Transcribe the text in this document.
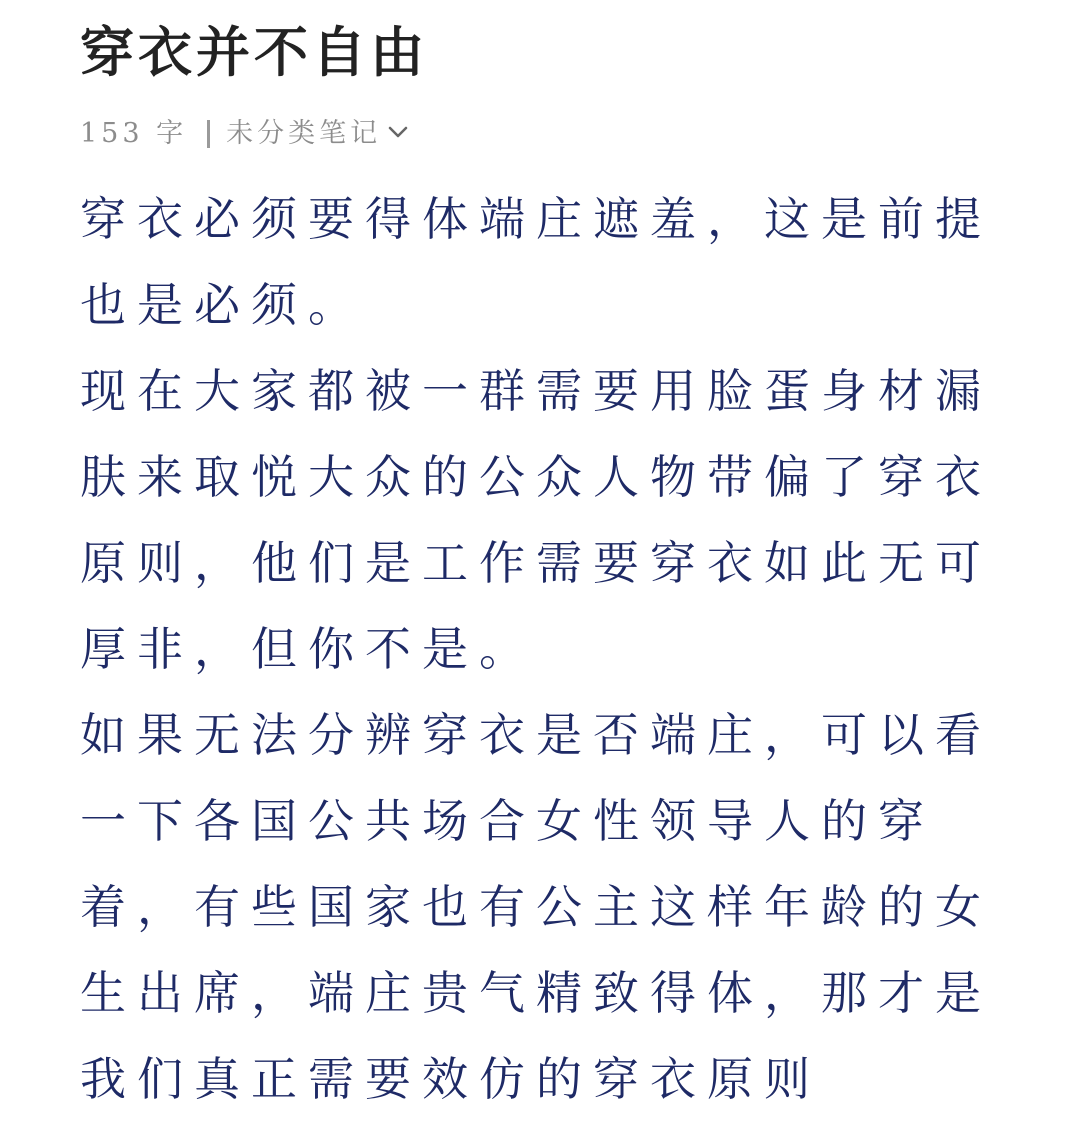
穿衣并不自由
153 字 未分类笔记

穿衣必须要得体端庄遮羞，这是前提也是必须。

现在大家都被一群需要用脸蛋身材漏肤来取悦大众的公众人物带偏了穿衣原则，他们是工作需要穿衣如此无可厚非，但你不是。

如果无法分辨穿衣是否端庄，可以看一下各国公共场合女性领导人的穿着，有些国家也有公主这样年龄的女生出席，端庄贵气精致得体，那才是我们真正需要效仿的穿衣原则
